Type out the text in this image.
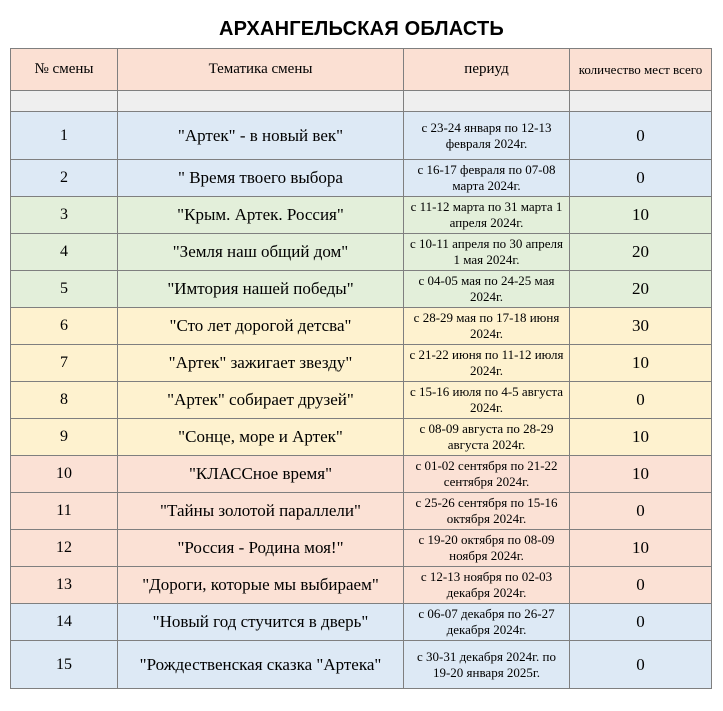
АРХАНГЕЛЬСКАЯ ОБЛАСТЬ
№ смены	Тематика смены	периуд	количество мест всего

1	"Артек" - в новый век"	с 23-24 января по 12-13 февраля 2024г.	0
2	" Время твоего выбора	с 16-17 февраля по 07-08 марта 2024г.	0
3	"Крым. Артек. Россия"	с 11-12 марта по 31 марта 1 апреля 2024г.	10
4	"Земля наш общий дом"	с 10-11 апреля по 30 апреля 1 мая 2024г.	20
5	"Имтория нашей победы"	с 04-05 мая по 24-25 мая 2024г.	20
6	"Сто лет дорогой детсва"	с 28-29 мая по 17-18 июня 2024г.	30
7	"Артек" зажигает звезду"	с 21-22 июня по 11-12 июля 2024г.	10
8	"Артек" собирает друзей"	с 15-16 июля по 4-5 августа 2024г.	0
9	"Сонце, море и Артек"	с 08-09 августа по 28-29 августа 2024г.	10
10	"КЛАССное время"	с 01-02 сентября по 21-22 сентября 2024г.	10
11	"Тайны золотой параллели"	с 25-26 сентября по 15-16 октября 2024г.	0
12	"Россия - Родина моя!"	с 19-20 октября по 08-09 ноября 2024г.	10
13	"Дороги, которые мы выбираем"	с 12-13 ноября по 02-03 декабря 2024г.	0
14	"Новый год стучится в дверь"	с 06-07 декабря по 26-27 декабря 2024г.	0
15	"Рождественская сказка "Артека"	с 30-31 декабря 2024г. по 19-20 января 2025г.	0
